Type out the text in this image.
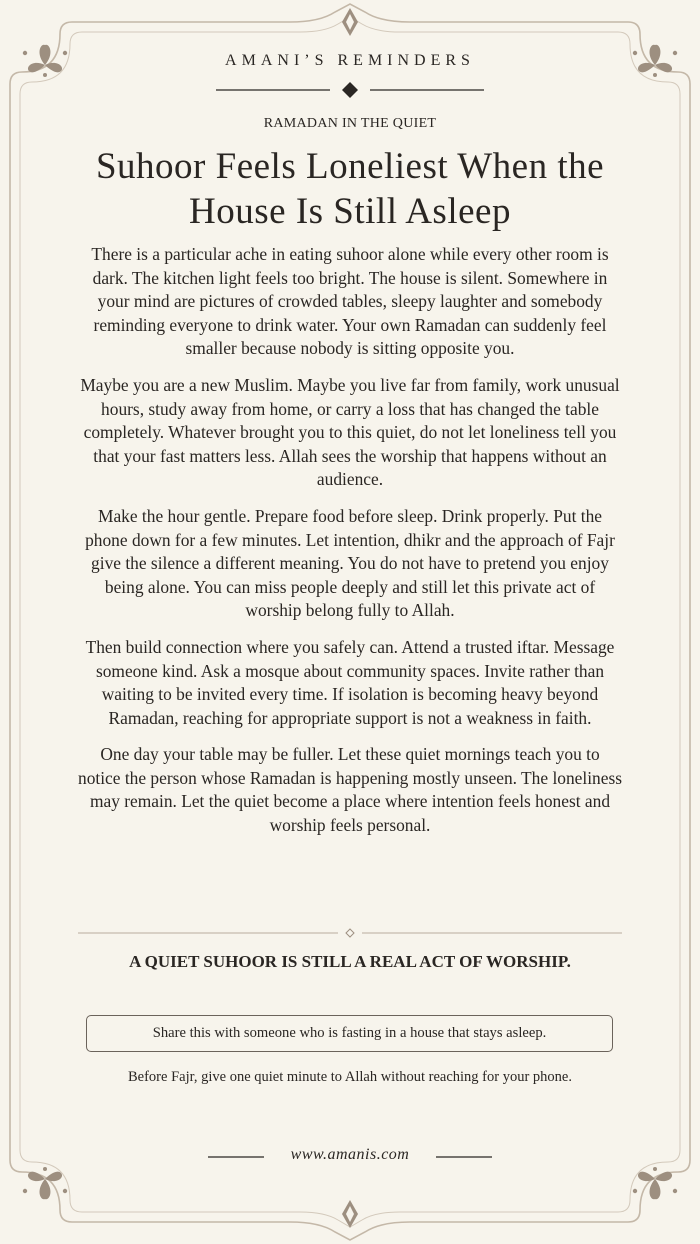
AMANI’S REMINDERS
RAMADAN IN THE QUIET
Suhoor Feels Loneliest When the House Is Still Asleep

There is a particular ache in eating suhoor alone while every other room is dark. The kitchen light feels too bright. The house is silent. Somewhere in your mind are pictures of crowded tables, sleepy laughter and somebody reminding everyone to drink water. Your own Ramadan can suddenly feel smaller because nobody is sitting opposite you.

Maybe you are a new Muslim. Maybe you live far from family, work unusual hours, study away from home, or carry a loss that has changed the table completely. Whatever brought you to this quiet, do not let loneliness tell you that your fast matters less. Allah sees the worship that happens without an audience.

Make the hour gentle. Prepare food before sleep. Drink properly. Put the phone down for a few minutes. Let intention, dhikr and the approach of Fajr give the silence a different meaning. You do not have to pretend you enjoy being alone. You can miss people deeply and still let this private act of worship belong fully to Allah.

Then build connection where you safely can. Attend a trusted iftar. Message someone kind. Ask a mosque about community spaces. Invite rather than waiting to be invited every time. If isolation is becoming heavy beyond Ramadan, reaching for appropriate support is not a weakness in faith.

One day your table may be fuller. Let these quiet mornings teach you to notice the person whose Ramadan is happening mostly unseen. The loneliness may remain. Let the quiet become a place where intention feels honest and worship feels personal.

A QUIET SUHOOR IS STILL A REAL ACT OF WORSHIP.
Share this with someone who is fasting in a house that stays asleep.
Before Fajr, give one quiet minute to Allah without reaching for your phone.
www.amanis.com
